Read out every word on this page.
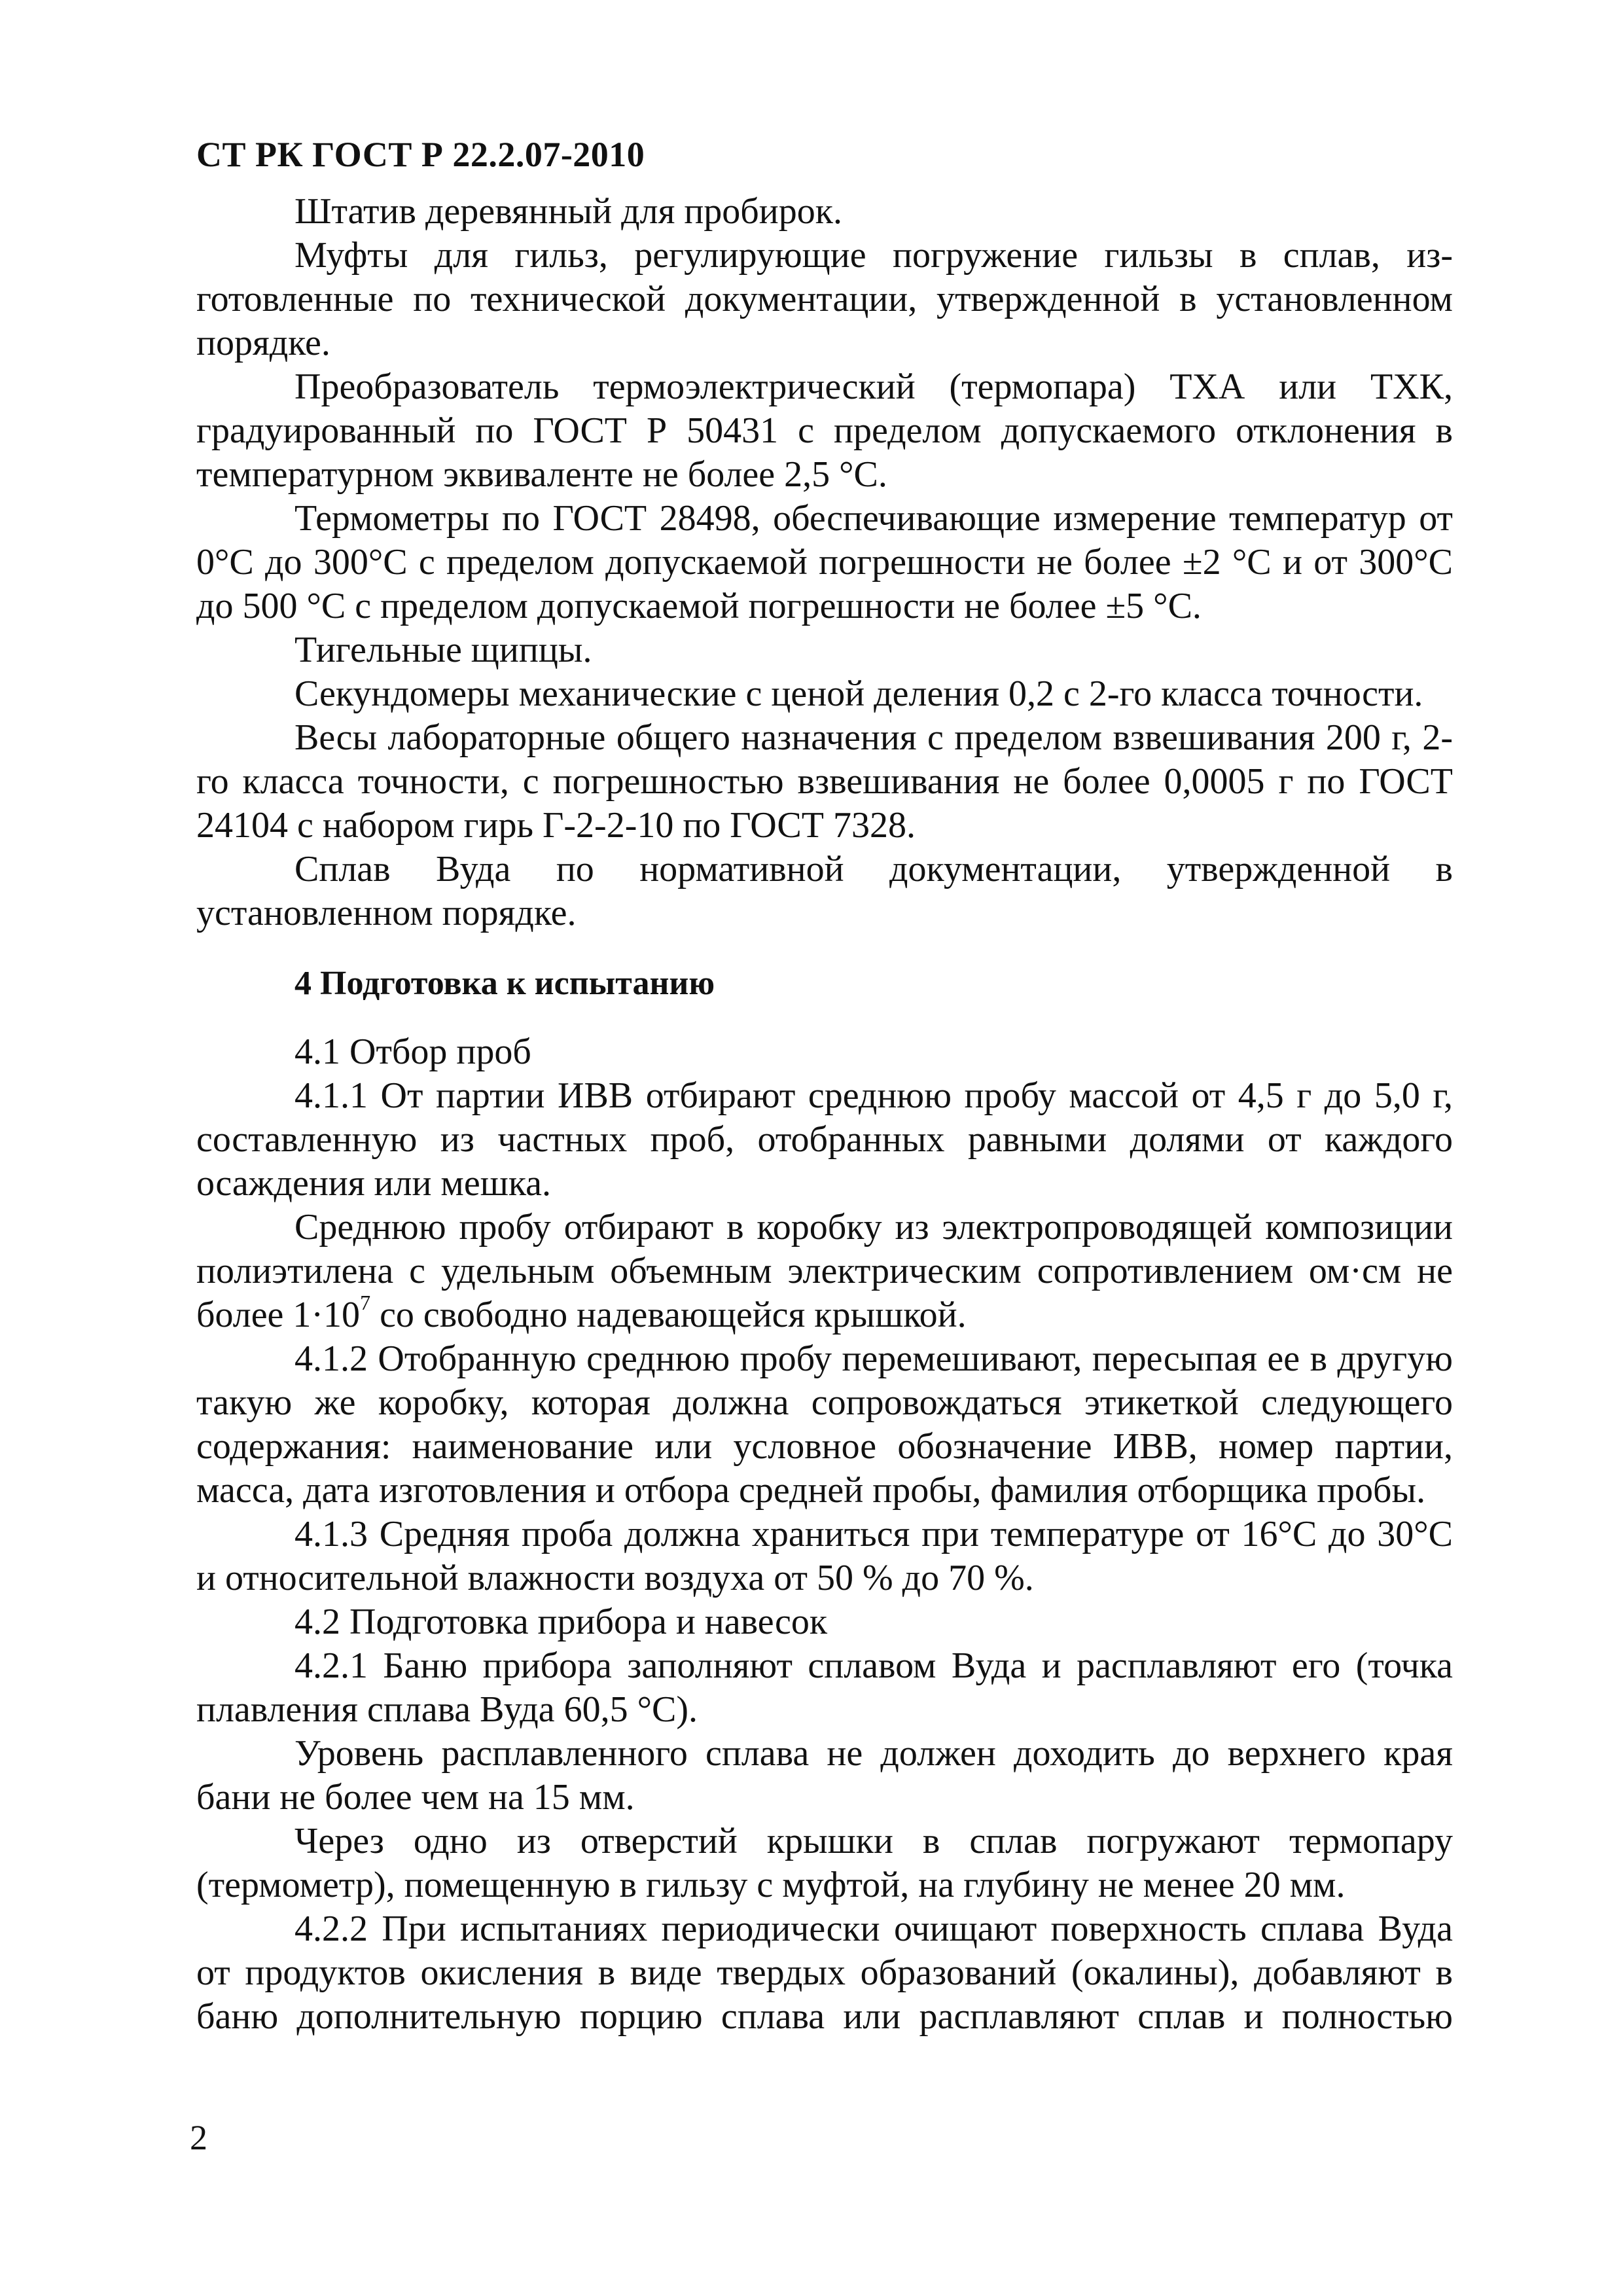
СТ РК ГОСТ Р 22.2.07-2010

Штатив деревянный для пробирок.

Муфты для гильз, регулирующие погружение гильзы в сплав, из-готовленные по технической документации, утвержденной в установленном порядке.

Преобразователь термоэлектрический (термопара) ТХА или ТХК, градуированный по ГОСТ Р 50431 с пределом допускаемого отклонения в температурном эквиваленте не более 2,5 °С.

Термометры по ГОСТ 28498, обеспечивающие измерение температур от 0°С до 300°С с пределом допускаемой погрешности не более ±2 °С и от 300°С до 500 °С с пределом допускаемой погрешности не более ±5 °С.

Тигельные щипцы.

Секундомеры механические с ценой деления 0,2 с 2-го класса точности.

Весы лабораторные общего назначения с пределом взвешивания 200 г, 2-го класса точности, с погрешностью взвешивания не более 0,0005 г по ГОСТ 24104 с набором гирь Г-2-2-10 по ГОСТ 7328.

Сплав Вуда по нормативной документации, утвержденной в установленном порядке.

4 Подготовка к испытанию

4.1 Отбор проб

4.1.1 От партии ИВВ отбирают среднюю пробу массой от 4,5 г до 5,0 г, составленную из частных проб, отобранных равными долями от каждого осаждения или мешка.

Среднюю пробу отбирают в коробку из электропроводящей композиции полиэтилена с удельным объемным электрическим сопротивлением ом·см не более $1\cdot 10^7$ со свободно надевающейся крышкой.

4.1.2 Отобранную среднюю пробу перемешивают, пересыпая ее в другую такую же коробку, которая должна сопровождаться этикеткой следующего содержания: наименование или условное обозначение ИВВ, номер партии, масса, дата изготовления и отбора средней пробы, фамилия отборщика пробы.

4.1.3 Средняя проба должна храниться при температуре от 16°С до 30°С и относительной влажности воздуха от 50 % до 70 %.

4.2 Подготовка прибора и навесок

4.2.1 Баню прибора заполняют сплавом Вуда и расплавляют его (точка плавления сплава Вуда 60,5 °С).

Уровень расплавленного сплава не должен доходить до верхнего края бани не более чем на 15 мм.

Через одно из отверстий крышки в сплав погружают термопару (термометр), помещенную в гильзу с муфтой, на глубину не менее 20 мм.

4.2.2 При испытаниях периодически очищают поверхность сплава Вуда от продуктов окисления в виде твердых образований (окалины), добавляют в баню дополнительную порцию сплава или расплавляют сплав и полностью

2
